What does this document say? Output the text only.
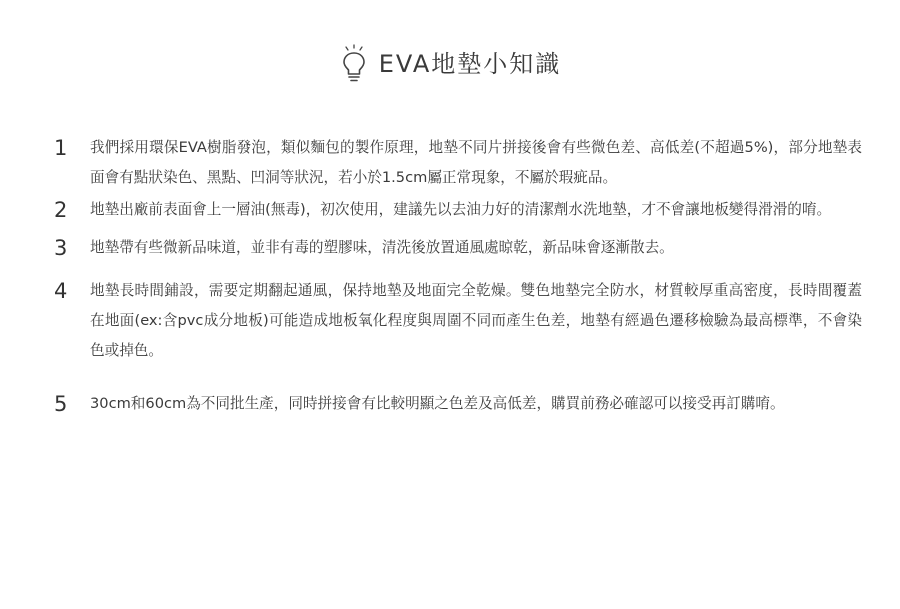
EVA地墊小知識
1	我們採用環保EVA樹脂發泡，類似麵包的製作原理，地墊不同片拼接後會有些微色差、高低差(不超過5%)，部分地墊表面會有點狀染色、黑點、凹洞等狀況，若小於1.5cm屬正常現象，不屬於瑕疵品。
2	地墊出廠前表面會上一層油(無毒)，初次使用，建議先以去油力好的清潔劑水洗地墊，才不會讓地板變得滑滑的唷。
3	地墊帶有些微新品味道，並非有毒的塑膠味，清洗後放置通風處晾乾，新品味會逐漸散去。
4	地墊長時間鋪設，需要定期翻起通風，保持地墊及地面完全乾燥。雙色地墊完全防水，材質較厚重高密度，長時間覆蓋在地面(ex:含pvc成分地板)可能造成地板氧化程度與周圍不同而產生色差，地墊有經過色遷移檢驗為最高標準，不會染色或掉色。
5	30cm和60cm為不同批生產，同時拼接會有比較明顯之色差及高低差，購買前務必確認可以接受再訂購唷。
